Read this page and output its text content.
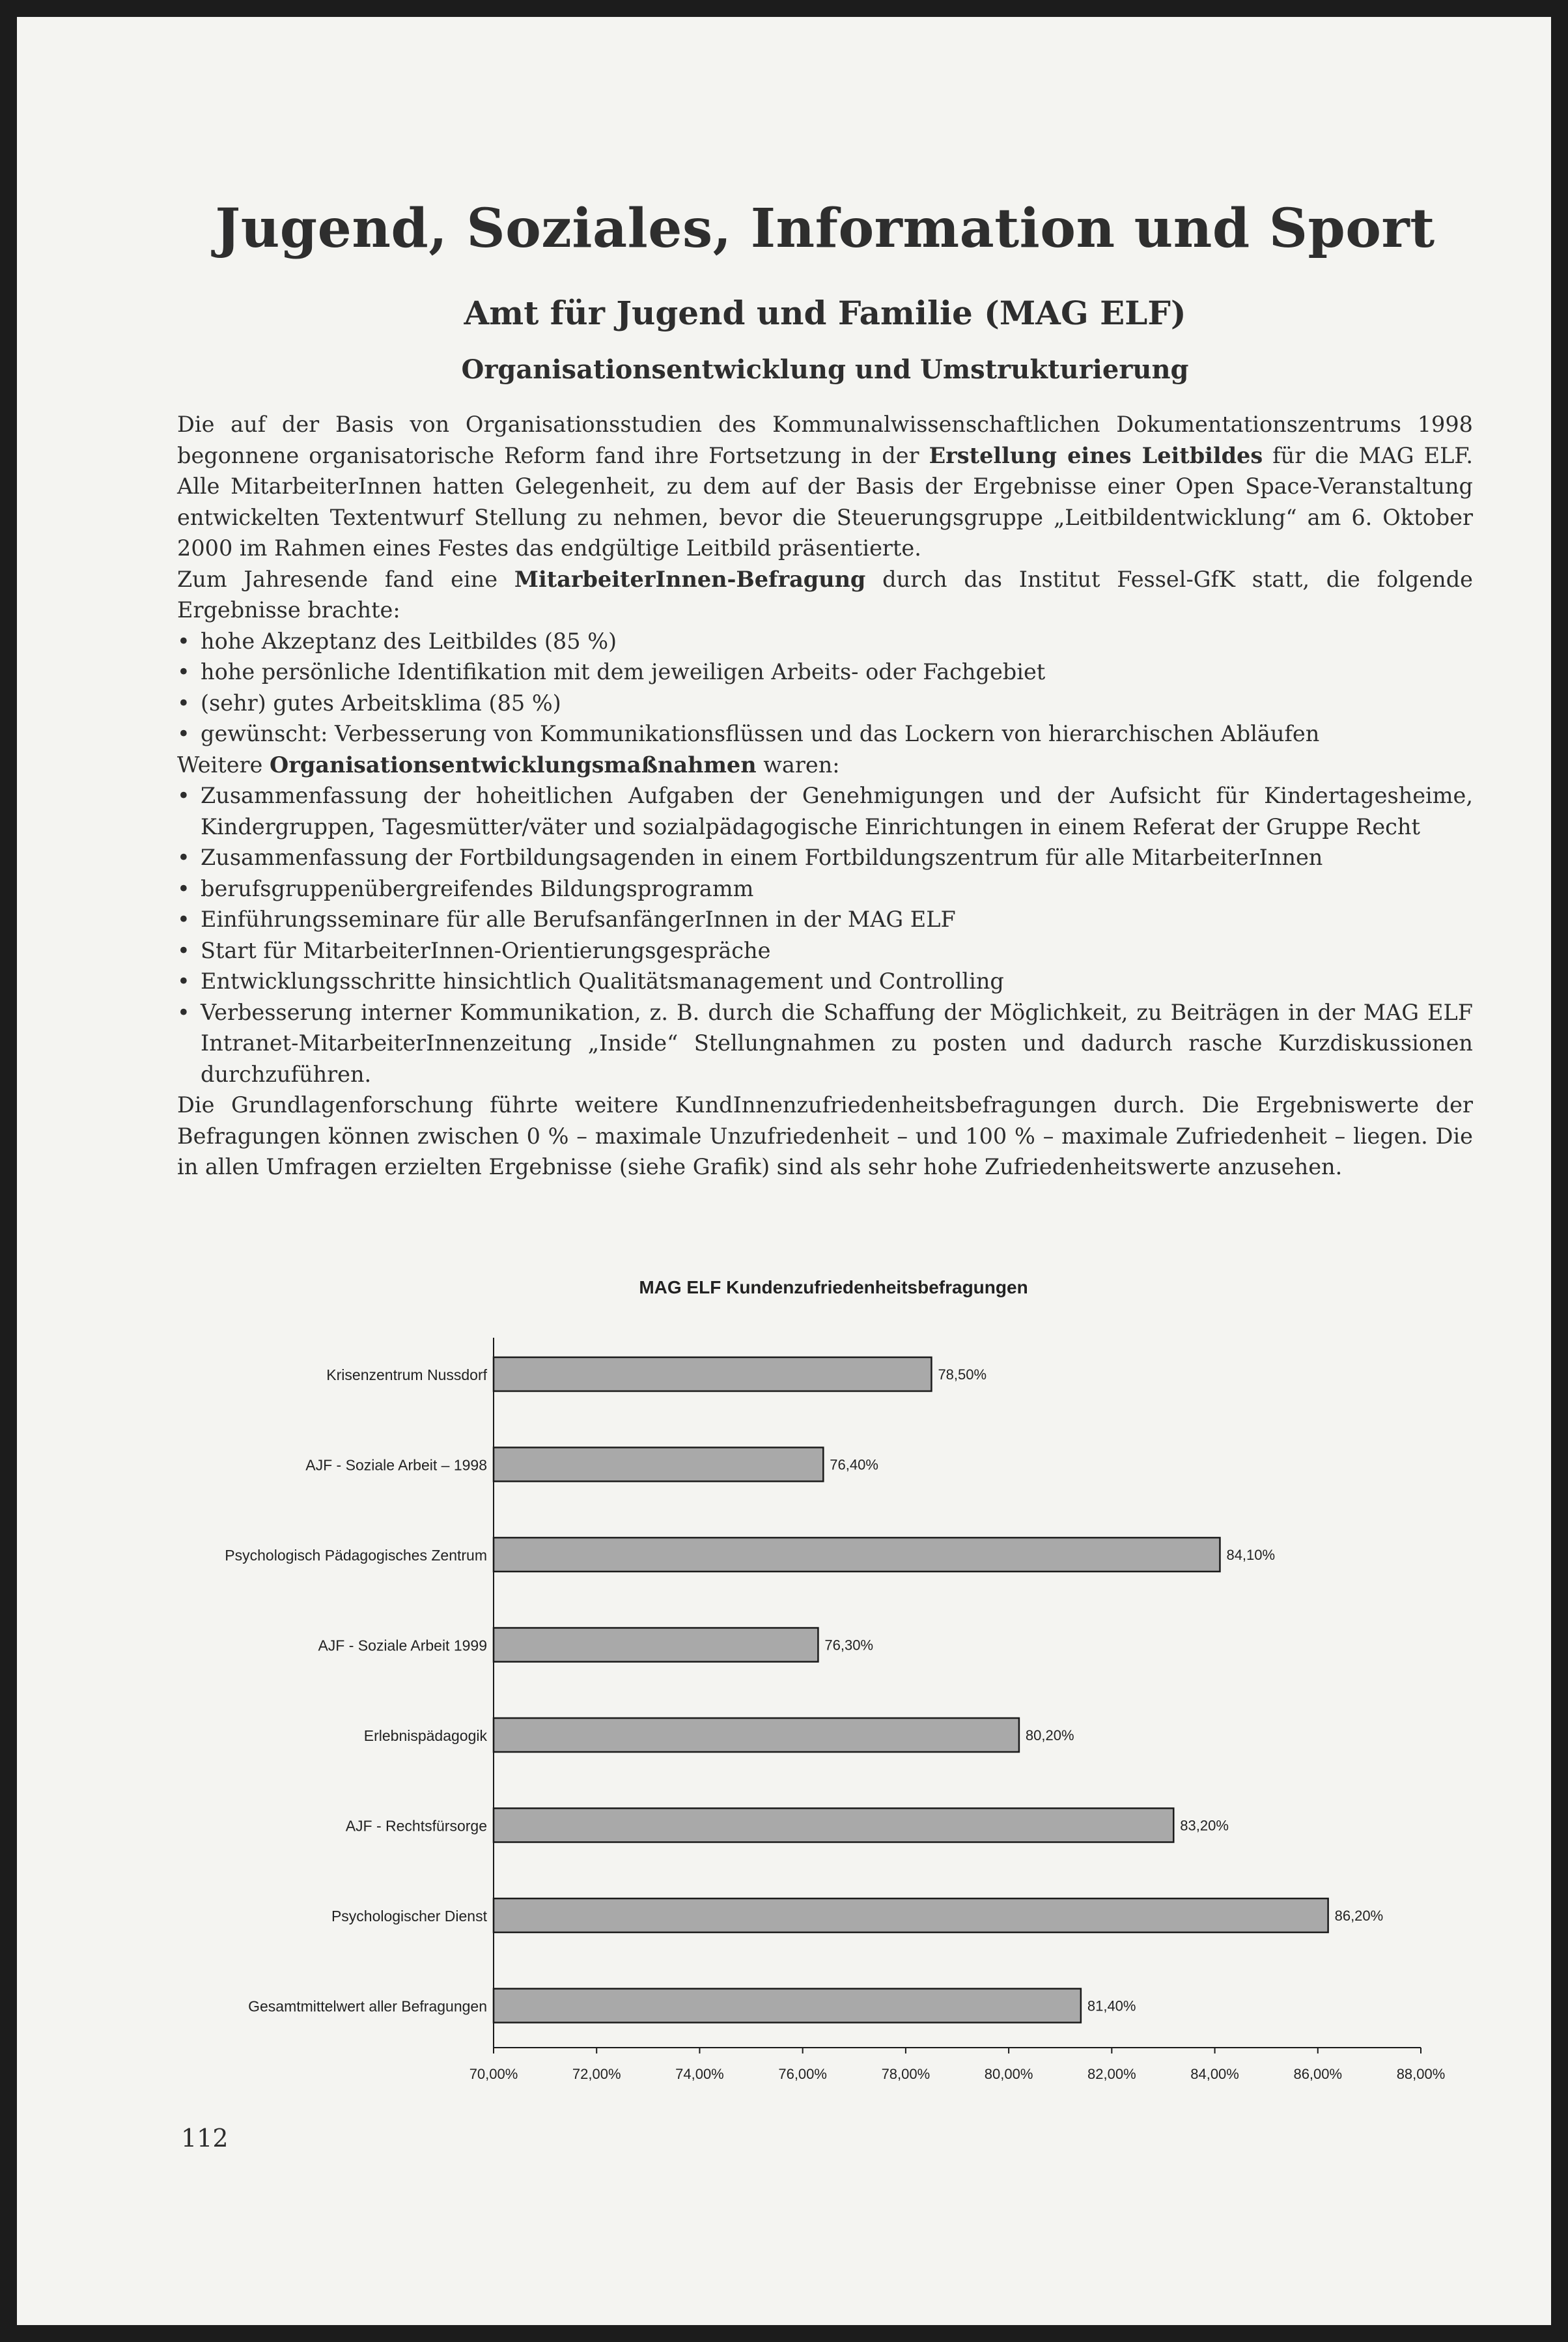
Jugend, Soziales, Information und Sport
Amt für Jugend und Familie (MAG ELF)
Organisationsentwicklung und Umstrukturierung

Die auf der Basis von Organisationsstudien des Kommunalwissenschaftlichen Dokumentationszentrums 1998 begonnene organisatorische Reform fand ihre Fortsetzung in der Erstellung eines Leitbildes für die MAG ELF. Alle MitarbeiterInnen hatten Gelegenheit, zu dem auf der Basis der Ergebnisse einer Open Space-Veranstaltung entwickelten Textentwurf Stellung zu nehmen, bevor die Steuerungsgruppe „Leitbildentwicklung“ am 6. Oktober 2000 im Rahmen eines Festes das endgültige Leitbild präsentierte.

Zum Jahresende fand eine MitarbeiterInnen-Befragung durch das Institut Fessel-GfK statt, die folgende Ergebnisse brachte:

• hohe Akzeptanz des Leitbildes (85 %)
• hohe persönliche Identifikation mit dem jeweiligen Arbeits- oder Fachgebiet
• (sehr) gutes Arbeitsklima (85 %)
• gewünscht: Verbesserung von Kommunikationsflüssen und das Lockern von hierarchischen Abläufen

Weitere Organisationsentwicklungsmaßnahmen waren:

• Zusammenfassung der hoheitlichen Aufgaben der Genehmigungen und der Aufsicht für Kindertagesheime, Kindergruppen, Tagesmütter/väter und sozialpädagogische Einrichtungen in einem Referat der Gruppe Recht
• Zusammenfassung der Fortbildungsagenden in einem Fortbildungszentrum für alle MitarbeiterInnen
• berufsgruppenübergreifendes Bildungsprogramm
• Einführungsseminare für alle BerufsanfängerInnen in der MAG ELF
• Start für MitarbeiterInnen-Orientierungsgespräche
• Entwicklungsschritte hinsichtlich Qualitätsmanagement und Controlling
• Verbesserung interner Kommunikation, z. B. durch die Schaffung der Möglichkeit, zu Beiträgen in der MAG ELF Intranet-MitarbeiterInnenzeitung „Inside“ Stellungnahmen zu posten und dadurch rasche Kurzdiskussionen durchzuführen.

Die Grundlagenforschung führte weitere KundInnenzufriedenheitsbefragungen durch. Die Ergebniswerte der Befragungen können zwischen 0 % – maximale Unzufriedenheit – und 100 % – maximale Zufriedenheit – liegen. Die in allen Umfragen erzielten Ergebnisse (siehe Grafik) sind als sehr hohe Zufriedenheitswerte anzusehen.

MAG ELF Kundenzufriedenheitsbefragungen
Krisenzentrum Nussdorf	78,50%
AJF - Soziale Arbeit – 1998	76,40%
Psychologisch Pädagogisches Zentrum	84,10%
AJF - Soziale Arbeit 1999	76,30%
Erlebnispädagogik	80,20%
AJF - Rechtsfürsorge	83,20%
Psychologischer Dienst	86,20%
Gesamtmittelwert aller Befragungen	81,40%
70,00%	72,00%	74,00%	76,00%	78,00%	80,00%	82,00%	84,00%	86,00%	88,00%
112
